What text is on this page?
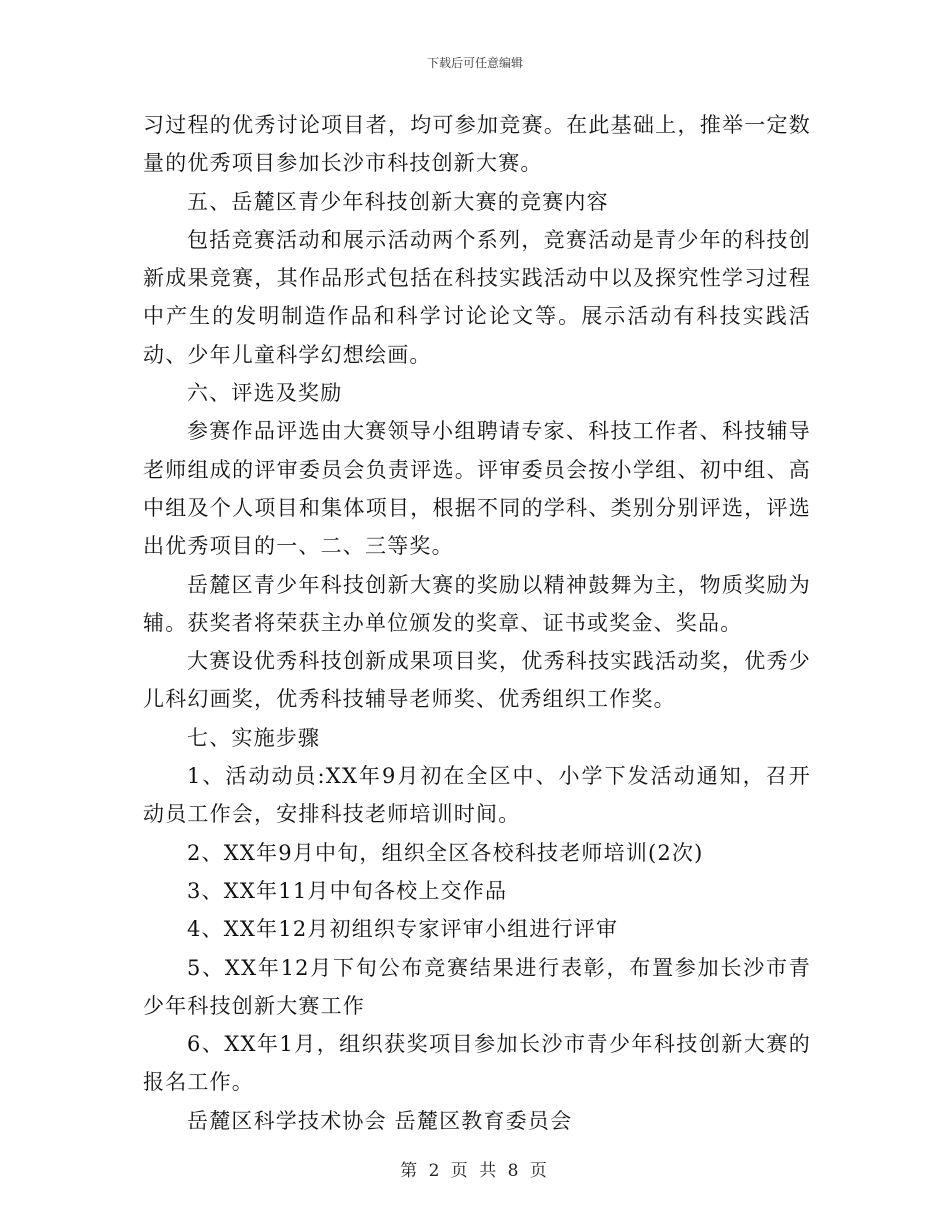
下载后可任意编辑

习过程的优秀讨论项目者，均可参加竞赛。在此基础上，推举一定数量的优秀项目参加长沙市科技创新大赛。

五、岳麓区青少年科技创新大赛的竞赛内容

包括竞赛活动和展示活动两个系列，竞赛活动是青少年的科技创新成果竞赛，其作品形式包括在科技实践活动中以及探究性学习过程中产生的发明制造作品和科学讨论论文等。展示活动有科技实践活动、少年儿童科学幻想绘画。

六、评选及奖励

参赛作品评选由大赛领导小组聘请专家、科技工作者、科技辅导老师组成的评审委员会负责评选。评审委员会按小学组、初中组、高中组及个人项目和集体项目，根据不同的学科、类别分别评选，评选出优秀项目的一、二、三等奖。

岳麓区青少年科技创新大赛的奖励以精神鼓舞为主，物质奖励为辅。获奖者将荣获主办单位颁发的奖章、证书或奖金、奖品。

大赛设优秀科技创新成果项目奖，优秀科技实践活动奖，优秀少儿科幻画奖，优秀科技辅导老师奖、优秀组织工作奖。

七、实施步骤

1、活动动员:XX年9月初在全区中、小学下发活动通知，召开动员工作会，安排科技老师培训时间。

2、XX年9月中旬，组织全区各校科技老师培训(2次)

3、XX年11月中旬各校上交作品

4、XX年12月初组织专家评审小组进行评审

5、XX年12月下旬公布竞赛结果进行表彰，布置参加长沙市青少年科技创新大赛工作

6、XX年1月，组织获奖项目参加长沙市青少年科技创新大赛的报名工作。

岳麓区科学技术协会 岳麓区教育委员会

第 2 页 共 8 页
